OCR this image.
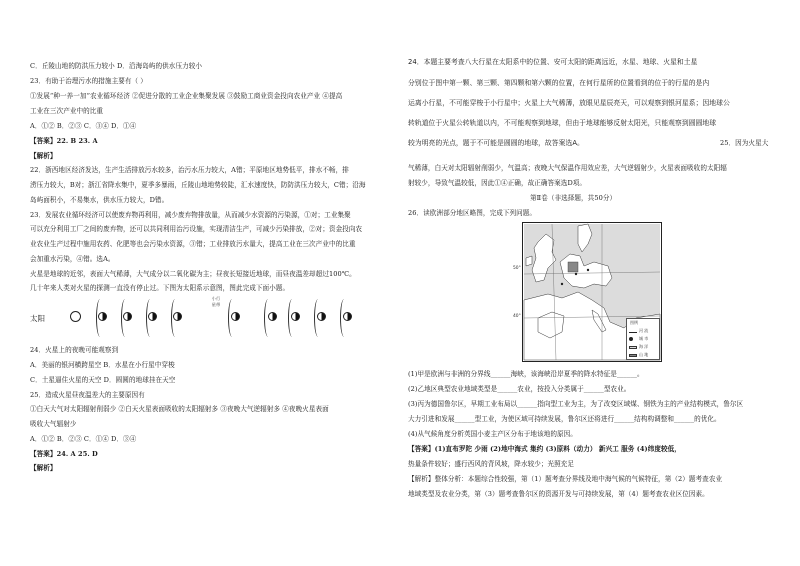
C．丘陵山地的防洪压力较小 D．沿海岛屿的供水压力较小
23．有助于治理污水的措施主要有（ ）
①发展“种一养一加”农业循环经济 ②促进分散的工业企业集聚发展 ③鼓励工商业资金投向农业产业 ④提高
工业在三次产业中的比重
A．①② B．②③ C．③④ D．①④
【答案】22. B 23. A
【解析】
22．浙西地区经济发达，生产生活排放污水较多，治污水压力较大，A错；平原地区地势低平，排水不畅，排
涝压力较大，B对；浙江省降水集中，夏季多暴雨，丘陵山地地势较陡，汇水速度快，防防洪压力较大，C错；沿海
岛屿面积小，不易集水，供水压力较大，D错。
23．发展农业循环经济可以使废弃物再利用，减少废弃物排放量，从而减少水资源的污染源，①对；工业集聚
可以充分利用工厂之间的废弃物，还可以共同利用治污设施，实现清洁生产，可减少污染排放，②对；资金投向农
业农业生产过程中施用农药、化肥等也会污染水资源，③错；工业排放污水量大，提高工业在三次产业中的比重
会加重水污染，④错。选A。
火星是地球的近邻，表面大气稀薄，大气成分以二氧化碳为主；昼夜长短接近地球，而昼夜温差却超过100℃。
几十年来人类对火星的探测一直没有停止过。下图为太阳系示意图，图此完成下面小题。
24．火星上的夜晚可能观察到
A．美丽的银河横跨星空 B．水星在小行星中穿梭
C．土星逼住火星的天空 D．圆圆的地球挂在天空
25．造成火星昼夜温差大的主要原因有
①白天大气对太阳辐射削弱少 ②白天火星表面吸收的太阳辐射多 ③夜晚大气逆辐射多 ④夜晚火星表面
吸收大气辐射少
A．①② B．②③ C．①④ D．③④
【答案】24. A 25. D
【解析】
太阳
小行星带
24．本题主要考查八大行星在太阳系中的位置、安可太阳的距离远近，水星、地球、火星和土星
分别位于图中第一颗、第三颗、第四颗和第六颗的位置，在何行星所的位置看到的位于的行星的是内
运离小行星，不可能穿梭于小行星中；火星上大气稀薄，放眼见星辰亮天，可以观察到银河星系；因地球公
转轨道位于火星公转轨道以内，不可能观察到地球，但由于地球能够反射太阳光，只能观察到圆圆地球
较为明亮的光点，题于不可能是圆圆的地球，故答案选A。	25．因为火星大
气稀薄，白天对太阳辐射削弱少，气温高；夜晚大气保温作用效应差，大气逆辐射少，火星表面吸收的太阳辐
射较少，导致气温较低，因此①④正确，故正确答案选D项。
第Ⅱ卷（非选择题，共50分）
26．读欧洲部分地区略图，完成下列问题。
(1)甲是欧洲与非洲的分界线______海峡，该海峡沿岸夏季的降水特征是______。
(2)乙地区典型农业地域类型是______农业，按投入分类属于______型农业。
(3)丙为德国鲁尔区，早期工业布局以______指向型工业为主，为了改变区域煤、钢铁为主的产业结构模式，鲁尔区
大力引进和发展______型工业，为使区域可持续发展，鲁尔区还将进行______结构构调整和______的优化。
(4)从气候角度分析英国小麦主产区分布于地该地的原因。
【答案】(1)直布罗陀 少雨 (2)地中海式 集约 (3)原料（动力） 新兴工 服务 (4)纬度较低，
热量条件较好；盛行西风的背风坡，降水较少；光照充足
【解析】整体分析：本题综合性较强，第（1）题考查分界线及地中海气候的气候特征，第（2）题考查农业
地域类型及农业分类，第（3）题考查鲁尔区的资源开发与可持续发展，第（4）题考查农业区位因素。
50°
40°
图例
河 流
城 市
海 洋
山 地
